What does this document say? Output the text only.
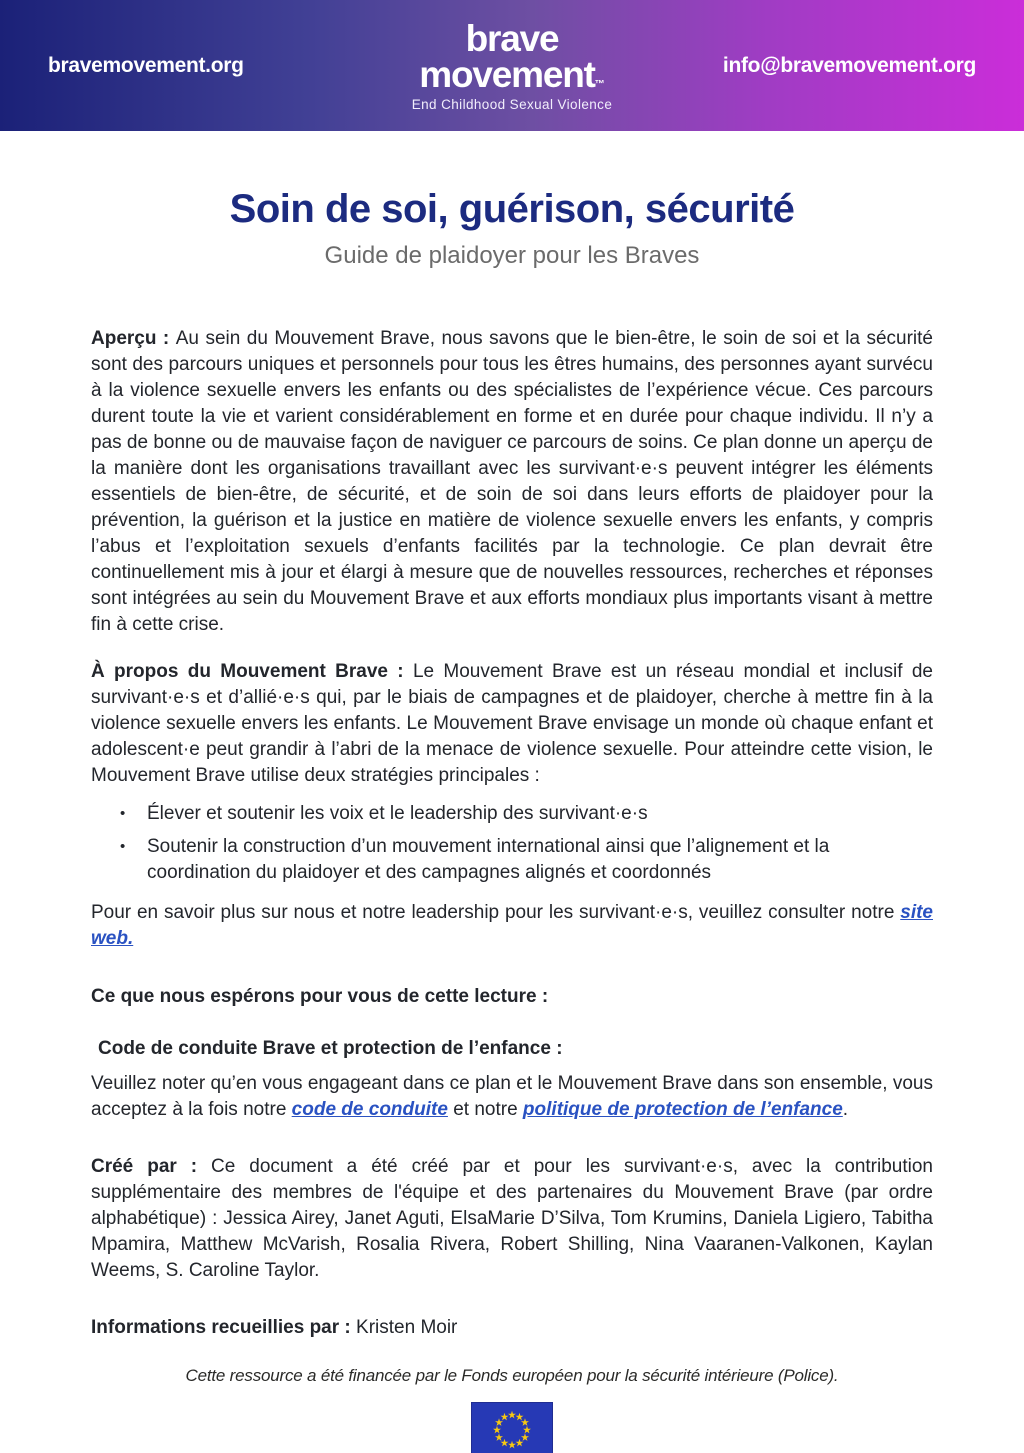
bravemovement.org
brave
movement™
End Childhood Sexual Violence
info@bravemovement.org
Soin de soi, guérison, sécurité
Guide de plaidoyer pour les Braves

Aperçu : Au sein du Mouvement Brave, nous savons que le bien-être, le soin de soi et la sécurité sont des parcours uniques et personnels pour tous les êtres humains, des personnes ayant survécu à la violence sexuelle envers les enfants ou des spécialistes de l’expérience vécue. Ces parcours durent toute la vie et varient considérablement en forme et en durée pour chaque individu. Il n’y a pas de bonne ou de mauvaise façon de naviguer ce parcours de soins. Ce plan donne un aperçu de la manière dont les organisations travaillant avec les survivant·e·s peuvent intégrer les éléments essentiels de bien-être, de sécurité, et de soin de soi dans leurs efforts de plaidoyer pour la prévention, la guérison et la justice en matière de violence sexuelle envers les enfants, y compris l’abus et l’exploitation sexuels d’enfants facilités par la technologie. Ce plan devrait être continuellement mis à jour et élargi à mesure que de nouvelles ressources, recherches et réponses sont intégrées au sein du Mouvement Brave et aux efforts mondiaux plus importants visant à mettre fin à cette crise.

À propos du Mouvement Brave : Le Mouvement Brave est un réseau mondial et inclusif de survivant·e·s et d’allié·e·s qui, par le biais de campagnes et de plaidoyer, cherche à mettre fin à la violence sexuelle envers les enfants. Le Mouvement Brave envisage un monde où chaque enfant et adolescent·e peut grandir à l’abri de la menace de violence sexuelle. Pour atteindre cette vision, le Mouvement Brave utilise deux stratégies principales :

• Élever et soutenir les voix et le leadership des survivant·e·s
• Soutenir la construction d’un mouvement international ainsi que l’alignement et la coordination du plaidoyer et des campagnes alignés et coordonnés

Pour en savoir plus sur nous et notre leadership pour les survivant·e·s, veuillez consulter notre site web.

Ce que nous espérons pour vous de cette lecture :

Code de conduite Brave et protection de l’enfance :

Veuillez noter qu’en vous engageant dans ce plan et le Mouvement Brave dans son ensemble, vous acceptez à la fois notre code de conduite et notre politique de protection de l’enfance.

Créé par : Ce document a été créé par et pour les survivant·e·s, avec la contribution supplémentaire des membres de l'équipe et des partenaires du Mouvement Brave (par ordre alphabétique) : Jessica Airey, Janet Aguti, ElsaMarie D’Silva, Tom Krumins, Daniela Ligiero, Tabitha Mpamira, Matthew McVarish, Rosalia Rivera, Robert Shilling, Nina Vaaranen-Valkonen, Kaylan Weems, S. Caroline Taylor.

Informations recueillies par : Kristen Moir

Cette ressource a été financée par le Fonds européen pour la sécurité intérieure (Police).
